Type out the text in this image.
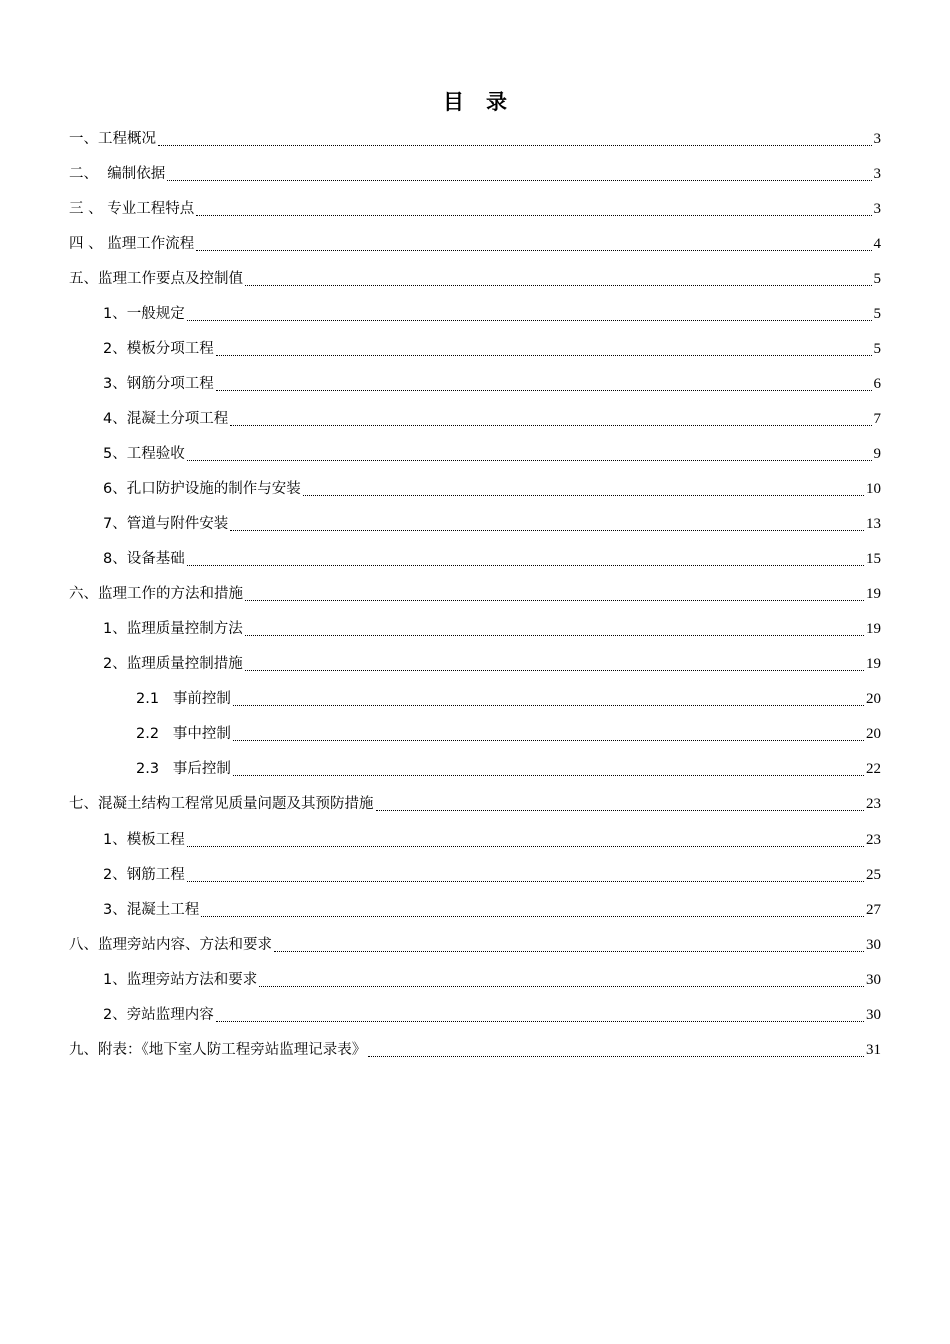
目录
一、工程概况	3
二、  编制依据	3
三 、 专业工程特点	3
四 、 监理工作流程	4
五、监理工作要点及控制值	5
1、一般规定	5
2、模板分项工程	5
3、钢筋分项工程	6
4、混凝土分项工程	7
5、工程验收	9
6、孔口防护设施的制作与安装	10
7、管道与附件安装	13
8、设备基础	15
六、监理工作的方法和措施	19
1、监理质量控制方法	19
2、监理质量控制措施	19
2.1   事前控制	20
2.2   事中控制	20
2.3   事后控制	22
七、混凝土结构工程常见质量问题及其预防措施	23
1、模板工程	23
2、钢筋工程	25
3、混凝土工程	27
八、监理旁站内容、方法和要求	30
1、监理旁站方法和要求	30
2、旁站监理内容	30
九、附表：《地下室人防工程旁站监理记录表》	31
